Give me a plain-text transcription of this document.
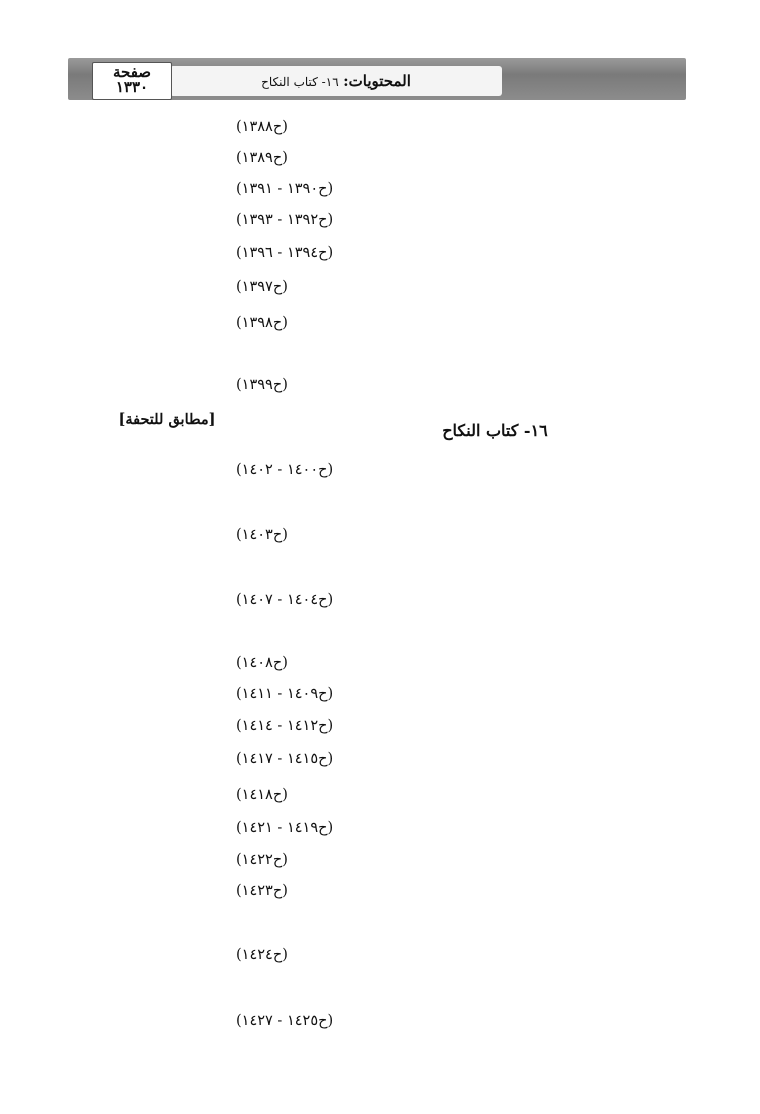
صفحة
١٣٣٠	المحتويات: ١٦- كتاب النكاح
(ح١٣٨٨)
(ح١٣٨٩)
(ح١٣٩٠ - ١٣٩١)
(ح١٣٩٢ - ١٣٩٣)
(ح١٣٩٤ - ١٣٩٦)
(ح١٣٩٧)
(ح١٣٩٨)
(ح١٣٩٩)
[مطابق للتحفة]
١٦- كتاب النكاح
(ح١٤٠٠ - ١٤٠٢)
(ح١٤٠٣)
(ح١٤٠٤ - ١٤٠٧)
(ح١٤٠٨)
(ح١٤٠٩ - ١٤١١)
(ح١٤١٢ - ١٤١٤)
(ح١٤١٥ - ١٤١٧)
(ح١٤١٨)
(ح١٤١٩ - ١٤٢١)
(ح١٤٢٢)
(ح١٤٢٣)
(ح١٤٢٤)
(ح١٤٢٥ - ١٤٢٧)
